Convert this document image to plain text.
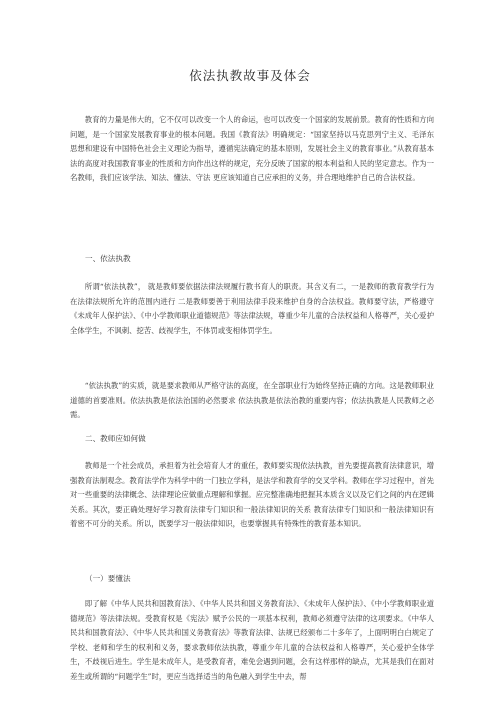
依法执教故事及体会

教育的力量是伟大的，它不仅可以改变一个人的命运，也可以改变一个国家的发展前景。教育的性质和方向问题，是一个国家发展教育事业的根本问题。我国《教育法》明确规定：“国家坚持以马克思列宁主义、毛泽东思想和建设有中国特色社会主义理论为指导，遵循宪法确定的基本原则，发展社会主义的教育事业。”从教育基本法的高度对我国教育事业的性质和方向作出这样的规定，充分反映了国家的根本利益和人民的坚定意志。作为一名教师，我们应该学法、知法、懂法、守法 更应该知道自己应承担的义务，并合理地维护自己的合法权益。

一、依法执教

所谓“依法执教”， 就是教师要依据法律法规履行教书育人的职责。其含义有二，一是教师的教育教学行为在法律法规所允许的范围内进行 二是教师要善于利用法律手段来维护自身的合法权益。教师要守法，严格遵守《未成年人保护法》、《中小学教师职业道德规范》等法律法规，尊重少年儿童的合法权益和人格尊严，关心爱护全体学生，不讽刺、挖苦、歧视学生，不体罚或变相体罚学生。

“依法执教”的实质，就是要求教师从严格守法的高度，在全部职业行为始终坚持正确的方向。这是教师职业道德的首要准则。依法执教是依法治国的必然要求 依法执教是依法治教的重要内容；依法执教是人民教师之必需。

二、教师应如何做

教师是一个社会成员，承担着为社会培育人才的重任，教师要实现依法执教，首先要提高教育法律意识，增强教育法制观念。教育法学作为科学中的一门独立学科，是法学和教育学的交叉学科。教师在学习过程中，首先对一些重要的法律概念、法律理论应做重点理解和掌握。应完整准确地把握其本质含义以及它们之间的内在逻辑关系。其次，要正确处理好学习教育法律专门知识和一般法律知识的关系 教育法律专门知识和一般法律知识有着密不可分的关系。所以，既要学习一般法律知识，也要掌握具有特殊性的教育基本知识。

（一）要懂法

即了解《中华人民共和国教育法》、《中华人民共和国义务教育法》、《未成年人保护法》、《中小学教师职业道德规范》等法律法规。受教育权是《宪法》赋予公民的一项基本权利，教师必须遵守法律的这项要求。《中华人民共和国教育法》、《中华人民共和国义务教育法》等教育法律、法规已经颁布二十多年了，上面明明白白规定了学校、老师和学生的权利和义务，要求教师依法执教，尊重少年儿童的合法权益和人格尊严，关心爱护全体学生，不歧视后进生。学生是未成年人，是受教育者，难免会遇到问题，会有这样那样的缺点，尤其是我们在面对差生或所谓的“问题学生”时，更应当选择适当的角色融入到学生中去，帮
